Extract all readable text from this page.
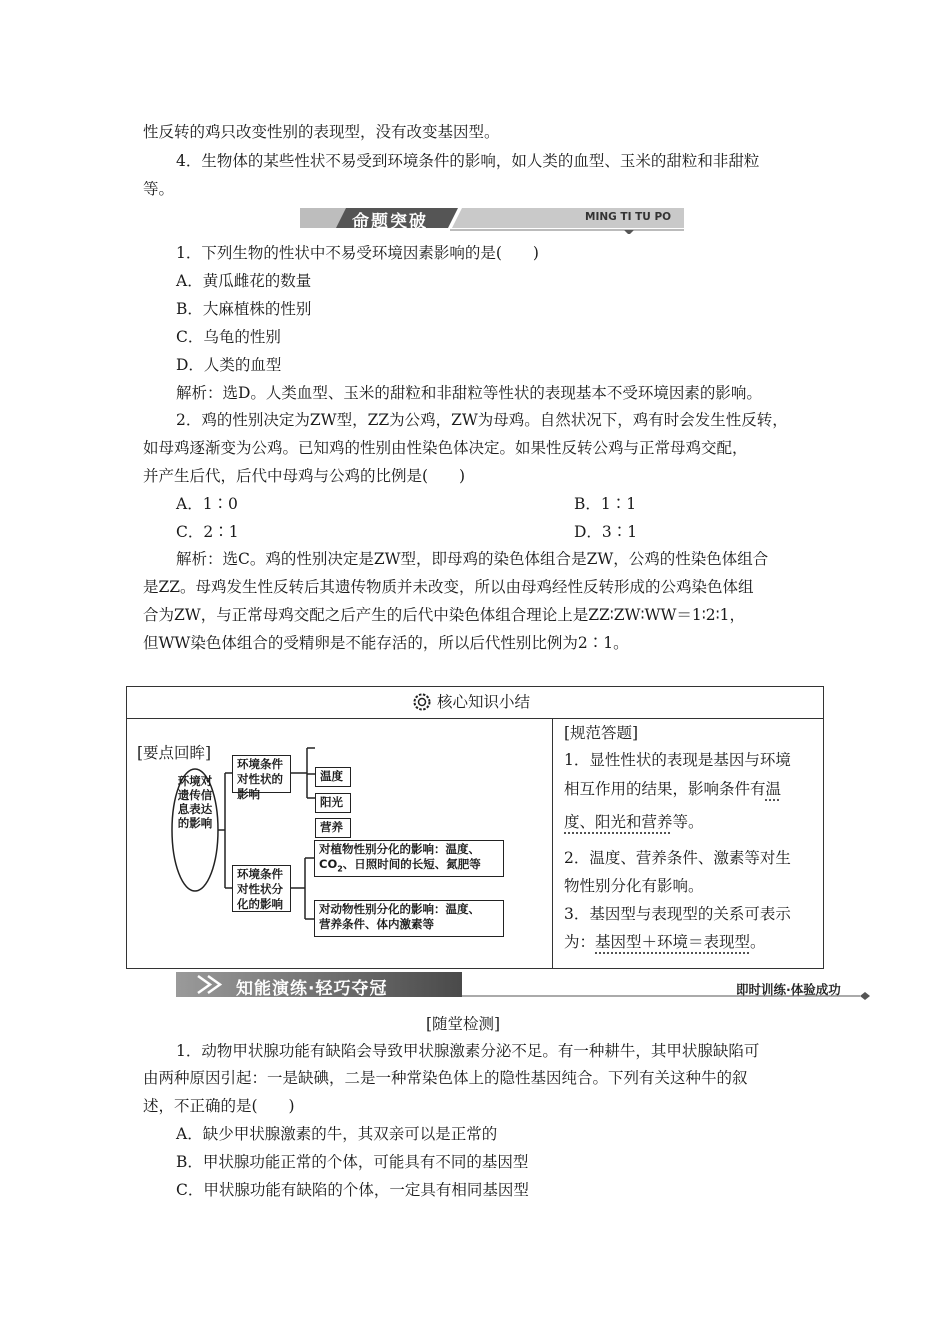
性反转的鸡只改变性别的表现型，没有改变基因型。
4．生物体的某些性状不易受到环境条件的影响，如人类的血型、玉米的甜粒和非甜粒
等。
命题突破	MING TI TU PO
1．下列生物的性状中不易受环境因素影响的是(　　)
A．黄瓜雌花的数量
B．大麻植株的性别
C．乌龟的性别
D．人类的血型
解析：选D。人类血型、玉米的甜粒和非甜粒等性状的表现基本不受环境因素的影响。
2．鸡的性别决定为ZW型，ZZ为公鸡，ZW为母鸡。自然状况下，鸡有时会发生性反转，
如母鸡逐渐变为公鸡。已知鸡的性别由性染色体决定。如果性反转公鸡与正常母鸡交配，
并产生后代，后代中母鸡与公鸡的比例是(　　)
A．1∶0	B．1∶1
C．2∶1	D．3∶1
解析：选C。鸡的性别决定是ZW型，即母鸡的染色体组合是ZW，公鸡的性染色体组合
是ZZ。母鸡发生性反转后其遗传物质并未改变，所以由母鸡经性反转形成的公鸡染色体组
合为ZW，与正常母鸡交配之后产生的后代中染色体组合理论上是ZZ∶ZW∶WW＝1∶2∶1，
但WW染色体组合的受精卵是不能存活的，所以后代性别比例为2∶1。
核心知识小结
[要点回眸]
环境对遗传信息表达的影响
环境条件对性状的影响
温度
阳光
营养
环境条件对性状分化的影响
对植物性别分化的影响：温度、
$CO_2$、日照时间的长短、氮肥等
对动物性别分化的影响：温度、
营养条件、体内激素等
[规范答题]
1．显性性状的表现是基因与环境
相互作用的结果，影响条件有温
度、阳光和营养等。
2．温度、营养条件、激素等对生
物性别分化有影响。
3．基因型与表现型的关系可表示
为：基因型＋环境＝表现型。
知能演练·轻巧夺冠	即时训练·体验成功
[随堂检测]
1．动物甲状腺功能有缺陷会导致甲状腺激素分泌不足。有一种耕牛，其甲状腺缺陷可
由两种原因引起：一是缺碘，二是一种常染色体上的隐性基因纯合。下列有关这种牛的叙
述，不正确的是(　　)
A．缺少甲状腺激素的牛，其双亲可以是正常的
B．甲状腺功能正常的个体，可能具有不同的基因型
C．甲状腺功能有缺陷的个体，一定具有相同基因型
